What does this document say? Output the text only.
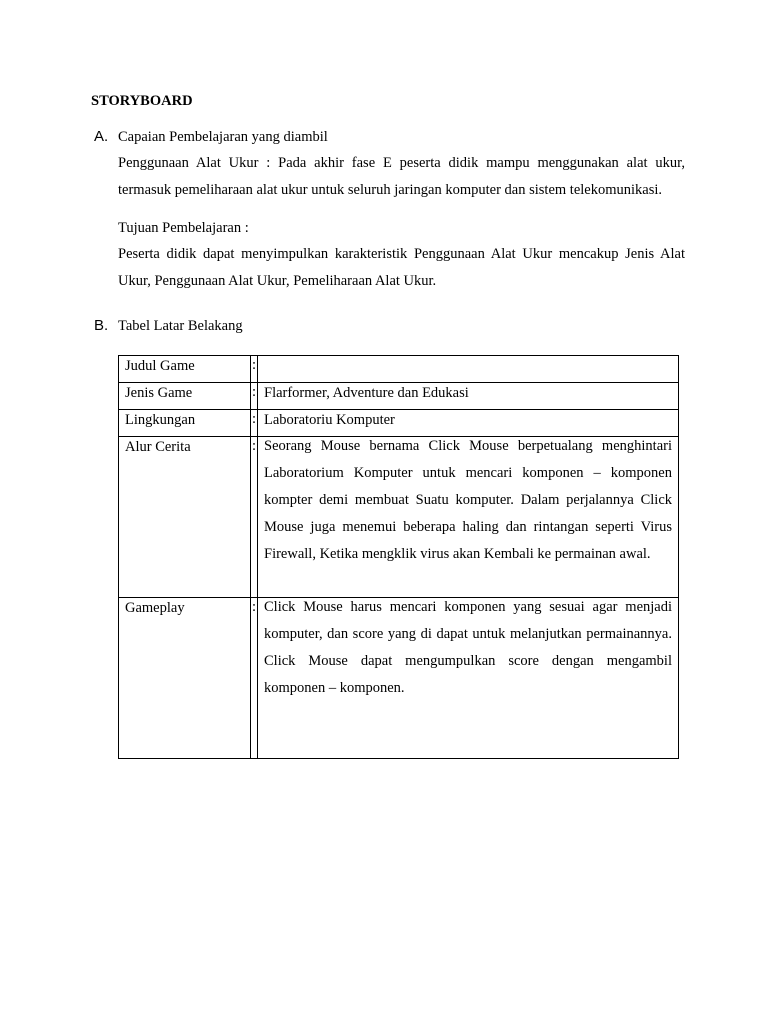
STORYBOARD
A. Capaian Pembelajaran yang diambil
Penggunaan Alat Ukur : Pada akhir fase E peserta didik mampu menggunakan alat ukur, termasuk pemeliharaan alat ukur untuk seluruh jaringan komputer dan sistem telekomunikasi.
Tujuan Pembelajaran :
Peserta didik dapat menyimpulkan karakteristik Penggunaan Alat Ukur mencakup Jenis Alat Ukur, Penggunaan Alat Ukur, Pemeliharaan Alat Ukur.
B. Tabel Latar Belakang
Judul Game	:	
Jenis Game	:	Flarformer, Adventure dan Edukasi
Lingkungan	:	Laboratoriu Komputer
Alur Cerita	:	Seorang Mouse bernama Click Mouse berpetualang menghintari Laboratorium Komputer untuk mencari komponen – komponen kompter demi membuat Suatu komputer. Dalam perjalannya Click Mouse juga menemui beberapa haling dan rintangan seperti Virus Firewall, Ketika mengklik virus akan Kembali ke permainan awal.

Gameplay	:	Click Mouse harus mencari komponen yang sesuai agar menjadi komputer, dan score yang di dapat untuk melanjutkan permainannya. Click Mouse dapat mengumpulkan score dengan mengambil komponen – komponen.
